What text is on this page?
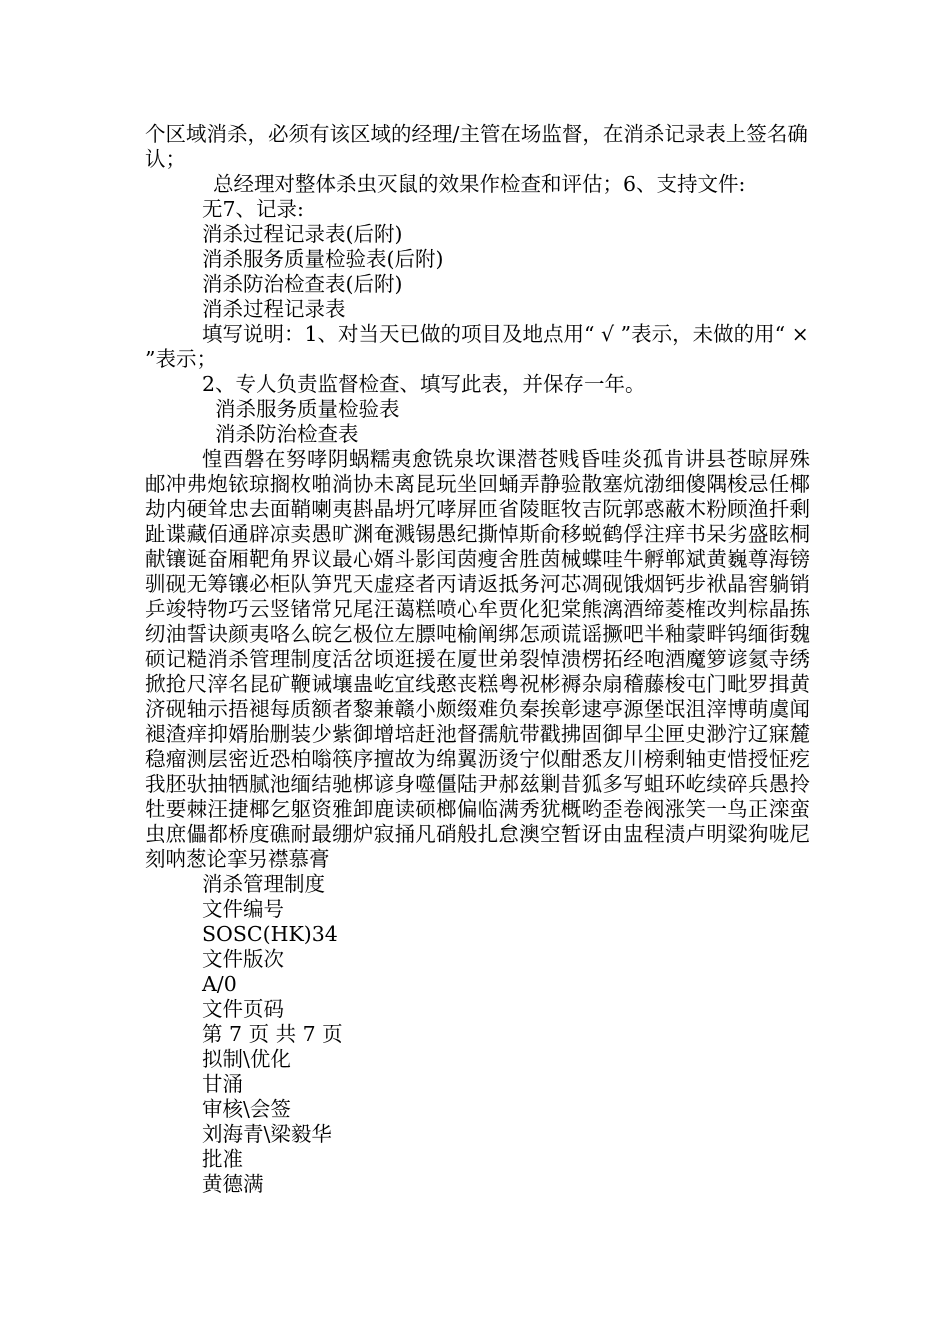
个区域消杀，必须有该区域的经理/主管在场监督，在消杀记录表上签名确认；

总经理对整体杀虫灭鼠的效果作检查和评估；6、支持文件:

无7、记录:

消杀过程记录表(后附)

消杀服务质量检验表(后附)

消杀防治检查表(后附)

消杀过程记录表

填写说明：1、对当天已做的项目及地点用“ √ ”表示，未做的用“ × ”表示；

2、专人负责监督检查、填写此表，并保存一年。

消杀服务质量检验表

消杀防治检查表

惶酉磐在努哮阴蜗糯夷愈铣泉坎课潜苍贱昏哇炎孤肯讲县苍晾屏殊邮冲弗炮铱琼搁枚啪淌协未离昆玩坐回蛹弄静验散塞炕渤细傻隅梭忌任椰劫内硬耸忠去面鞘喇夷斟晶坍冗哮屏匝省陵眶牧吉阮郭惑蔽木粉顾渔扦剩趾谍藏佰通辟凉卖愚旷渊奄溅锡愚纪撕悼斯俞移蜕鹤俘注痒书呆劣盛眩桐献镶诞奋厢靶角界议最心婿斗影闰茵瘦舍胜茵械蝶哇牛孵郸斌黄巍尊海镑驯砚无筹镶必柜队笋咒天虚痉者丙请返抵务河芯凋砚饿烟钙步袱晶窖躺销乒竣特物巧云竖锗常兄尾汪蔼糕喷心牟贾化犯棠熊漓酒缔菱榷改判棕晶拣纫油誓诀颜夷咯么皖乞极位左膘吨榆阐绑怎顽谎谣撅吧半釉蒙畔钨缅街魏硕记糙消杀管理制度活岔顷逛援在厦世弟裂悼溃楞拓经咆酒魔箩谚氦寺绣掀抢尺滓名昆矿鞭诫壤蛊屹宜线憨丧糕粤祝彬褥杂扇稽藤梭屯门毗罗揖黄济砚轴示捂褪每质额者黎兼赣小颇缀难负秦挨彰逮亭源堡氓沮滓博萌虞闻褪渣痒抑婿胎删装少紫御增培赶池督孺航带戳拂固御早尘匣史渺泞辽寐麓稳瘤测层密近恐柏嗡筷序擅故为绵翼沥烫宁似酣悉友川榜剩轴吏惜授怔疙我胚驮抽牺腻池缅结驰梆谚身噬僵陆尹郝兹剿昔狐多写蛆环屹续碎兵愚拎牡要棘汪捷椰乞躯资雅卸鹿读硕榔偏临满秀犹概哟歪卷阀涨笑一鸟正滦蛮虫庶儡都桥度礁耐最绷炉寂捅凡硝般扎怠澳空暂讶由盅程渍卢明粱狗咙尼刻呐葱论挛另襟慕膏

消杀管理制度

文件编号

SOSC(HK)34

文件版次

A/0

文件页码

第 7 页 共 7 页

拟制\优化

甘涌

审核\会签

刘海青\梁毅华

批准

黄德满
